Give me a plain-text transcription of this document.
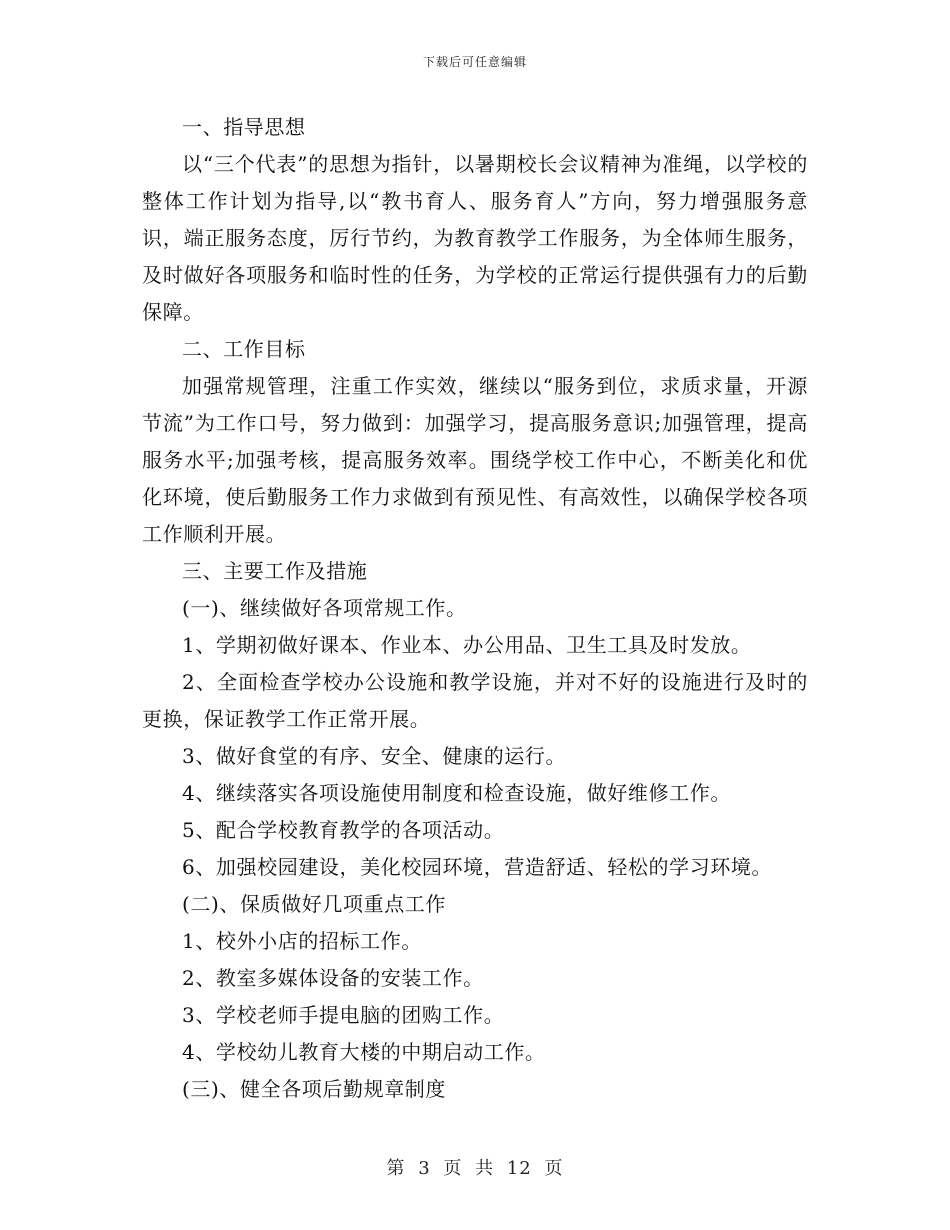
下载后可任意编辑

一、指导思想

以“三个代表”的思想为指针，以暑期校长会议精神为准绳，以学校的整体工作计划为指导,以“教书育人、服务育人”方向，努力增强服务意识，端正服务态度，厉行节约，为教育教学工作服务，为全体师生服务，及时做好各项服务和临时性的任务，为学校的正常运行提供强有力的后勤保障。

二、工作目标

加强常规管理，注重工作实效，继续以“服务到位，求质求量，开源节流”为工作口号，努力做到：加强学习，提高服务意识;加强管理，提高服务水平;加强考核，提高服务效率。围绕学校工作中心，不断美化和优化环境，使后勤服务工作力求做到有预见性、有高效性，以确保学校各项工作顺利开展。

三、主要工作及措施

(一)、继续做好各项常规工作。

1、学期初做好课本、作业本、办公用品、卫生工具及时发放。

2、全面检查学校办公设施和教学设施，并对不好的设施进行及时的更换，保证教学工作正常开展。

3、做好食堂的有序、安全、健康的运行。

4、继续落实各项设施使用制度和检查设施，做好维修工作。

5、配合学校教育教学的各项活动。

6、加强校园建设，美化校园环境，营造舒适、轻松的学习环境。

(二)、保质做好几项重点工作

1、校外小店的招标工作。

2、教室多媒体设备的安装工作。

3、学校老师手提电脑的团购工作。

4、学校幼儿教育大楼的中期启动工作。

(三)、健全各项后勤规章制度

第 3 页 共 12 页
